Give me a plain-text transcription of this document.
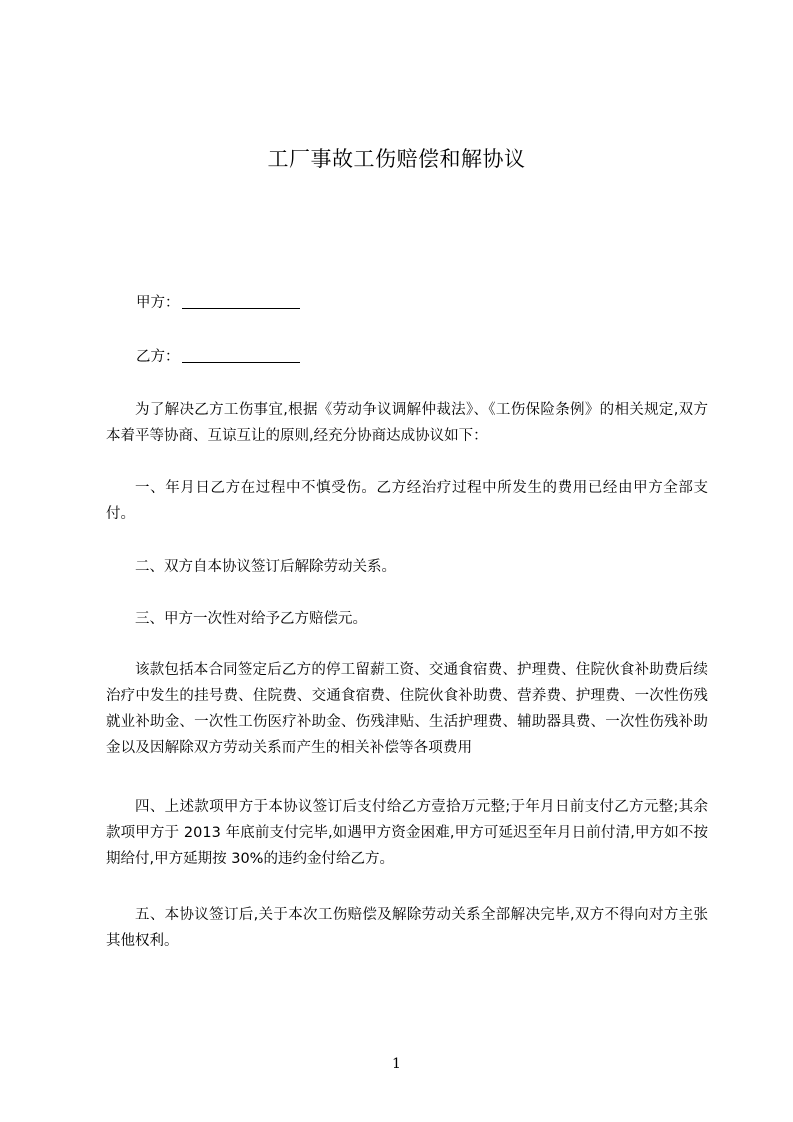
工厂事故工伤赔偿和解协议
甲方：
乙方：
为了解决乙方工伤事宜,根据《劳动争议调解仲裁法》、《工伤保险条例》的相关规定,双方本着平等协商、互谅互让的原则,经充分协商达成协议如下：
一、年月日乙方在过程中不慎受伤。乙方经治疗过程中所发生的费用已经由甲方全部支付。
二、双方自本协议签订后解除劳动关系。
三、甲方一次性对给予乙方赔偿元。
该款包括本合同签定后乙方的停工留薪工资、交通食宿费、护理费、住院伙食补助费后续治疗中发生的挂号费、住院费、交通食宿费、住院伙食补助费、营养费、护理费、一次性伤残就业补助金、一次性工伤医疗补助金、伤残津贴、生活护理费、辅助器具费、一次性伤残补助金以及因解除双方劳动关系而产生的相关补偿等各项费用
四、上述款项甲方于本协议签订后支付给乙方壹拾万元整;于年月日前支付乙方元整;其余款项甲方于 2013 年底前支付完毕,如遇甲方资金困难,甲方可延迟至年月日前付清,甲方如不按期给付,甲方延期按 30%的违约金付给乙方。
五、本协议签订后,关于本次工伤赔偿及解除劳动关系全部解决完毕,双方不得向对方主张其他权利。
1
